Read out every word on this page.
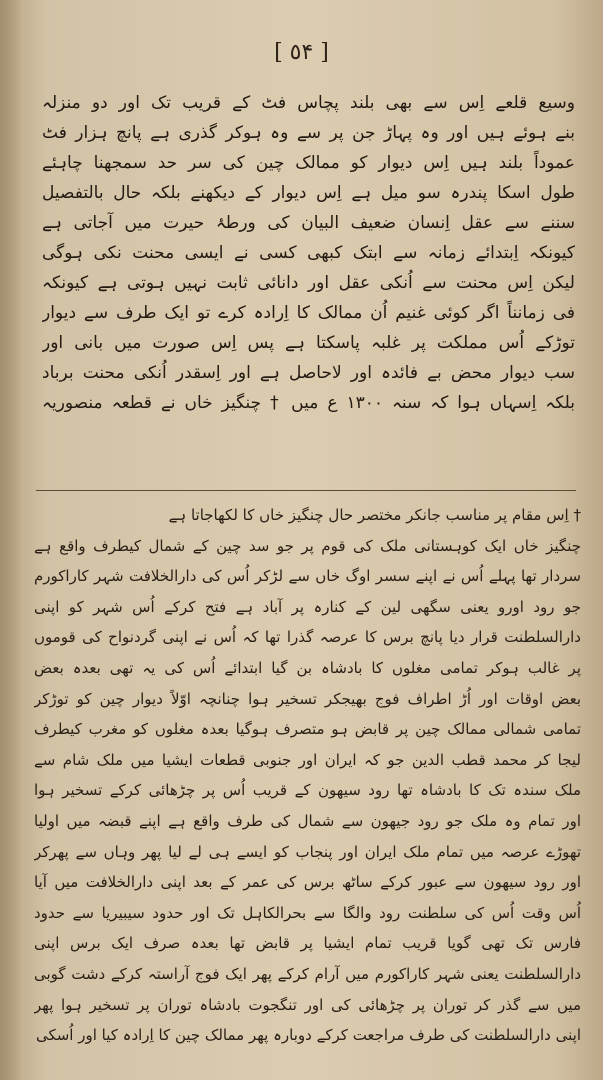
[ ٥۴ ]
وسیع قلعے اِس سے بھی بلند پچاس فٹ کے قریب تک اور دو منزلہ
بنے ہوئے ہیں اور وہ پہاڑ جن پر سے وہ ہوکر گذری ہے پانچ ہزار فٹ
عموداً بلند ہیں اِس دیوار کو ممالک چین کی سر حد سمجھنا چاہئے
طول اسکا پندرہ سو میل ہے اِس دیوار کے دیکھنے بلکہ حال بالتفصیل
سننے سے عقل اِنسان ضعیف البیان کی ورطۂ حیرت میں آجاتی ہے
کیونکہ اِبتدائے زمانہ سے ابتک کبھی کسی نے ایسی محنت نکی ہوگی
لیکن اِس محنت سے اُنکی عقل اور دانائی ثابت نہیں ہوتی ہے کیونکہ
فی زمانناً اگر کوئی غنیم اُن ممالک کا اِرادہ کرے تو ایک طرف سے دیوار
توڑکے اُس مملکت پر غلبہ پاسکتا ہے پس اِس صورت میں بانی اور
سب دیوار محض بے فائدہ اور لاحاصل ہے اور اِسقدر اُنکی محنت برباد
بلکہ اِسہاں ہوا کہ سنہ ۱۳۰۰ ع میں † چنگیز خاں نے قطعہ منصوریہ
† اِس مقام پر مناسب جانکر مختصر حال چنگیز خاں کا لکھاجاتا ہے
چنگیز خاں ایک کوہستانی ملک کی قوم پر جو سد چین کے شمال کیطرف واقع ہے
سردار تھا پہلے اُس نے اپنے سسر اوگ خاں سے لڑکر اُس کی دارالخلافت شہر کاراکورم
جو رود اورو یعنی سگھی لین کے کنارہ پر آباد ہے فتح کرکے اُس شہر کو اپنی
دارالسلطنت قرار دیا پانچ برس کا عرصہ گذرا تھا کہ اُس نے اپنی گردنواح کی قوموں
پر غالب ہوکر تمامی مغلوں کا بادشاہ بن گیا ابتدائے اُس کی یہ تھی بعدہ بعض
بعض اوقات اور اُڑ اطراف فوج بھیجکر تسخیر ہوا چنانچہ اوّلاً دیوار چین کو توڑکر
تمامی شمالی ممالک چین پر قابض ہو متصرف ہوگیا بعدہ مغلوں کو مغرب کیطرف
لیجا کر محمد قطب الدین جو کہ ایران اور جنوبی قطعات ایشیا میں ملک شام سے
ملک سندہ تک کا بادشاہ تھا رود سیھون کے قریب اُس پر چڑھائی کرکے تسخیر ہوا
اور تمام وہ ملک جو رود جیھون سے شمال کی طرف واقع ہے اپنے قبضہ میں اولیا
تھوڑے عرصہ میں تمام ملک ایران اور پنجاب کو ایسے ہی لے لیا پھر وہاں سے پھرکر
اور رود سیھون سے عبور کرکے ساٹھ برس کی عمر کے بعد اپنی دارالخلافت میں آیا
اُس وقت اُس کی سلطنت رود والگا سے بحرالکاہل تک اور حدود سیبیریا سے حدود
فارس تک تھی گویا قریب تمام ایشیا پر قابض تھا بعدہ صرف ایک برس اپنی
دارالسلطنت یعنی شہر کاراکورم میں آرام کرکے پھر ایک فوج آراستہ کرکے دشت گوبی
میں سے گذر کر توران پر چڑھائی کی اور تنگجوت بادشاہ توران پر تسخیر ہوا پھر
اپنی دارالسلطنت کی طرف مراجعت کرکے دوبارہ پھر ممالک چین کا اِرادہ کیا اور اُسکی
